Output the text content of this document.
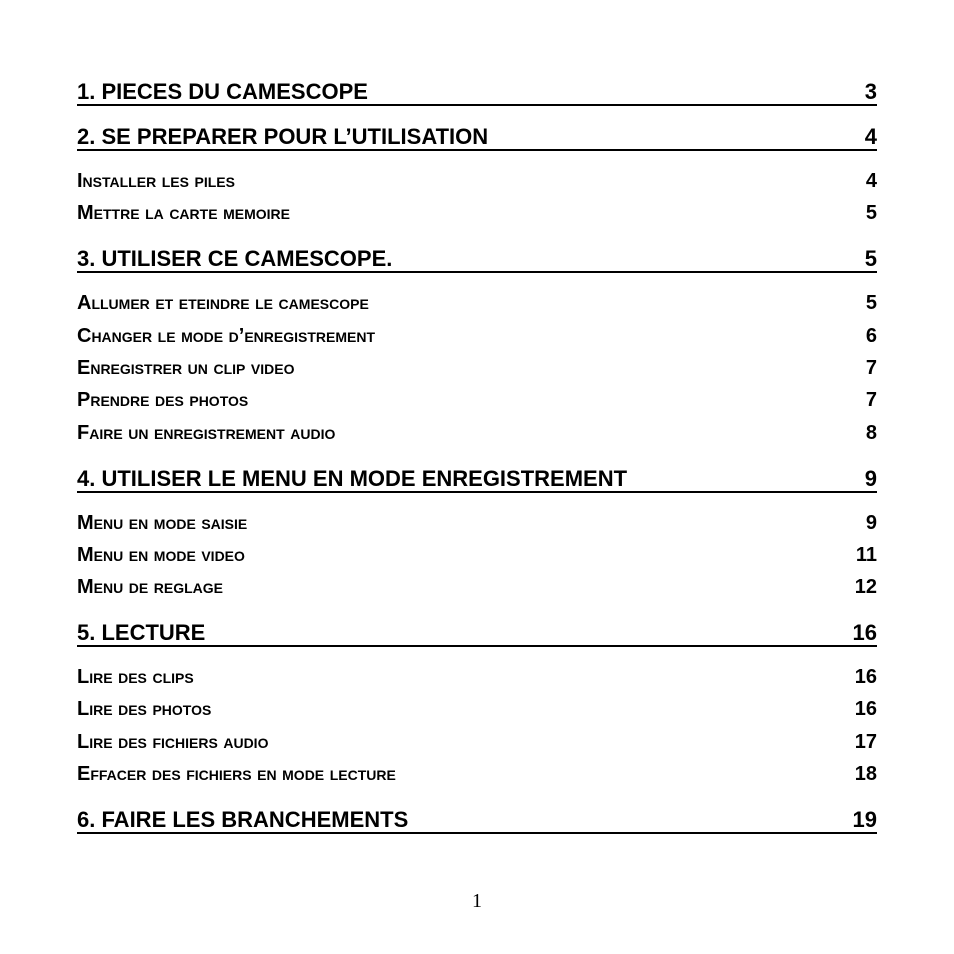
1. PIECES DU CAMESCOPE	3
2. SE PREPARER POUR L’UTILISATION	4
Installer les piles	4
Mettre la carte memoire	5
3. UTILISER CE CAMESCOPE.	5
Allumer et eteindre le camescope	5
Changer le mode d’enregistrement	6
Enregistrer un clip video	7
Prendre des photos	7
Faire un enregistrement audio	8
4. UTILISER LE MENU EN MODE ENREGISTREMENT	9
Menu en mode saisie	9
Menu en mode video	11
Menu de reglage	12
5. LECTURE	16
Lire des clips	16
Lire des photos	16
Lire des fichiers audio	17
Effacer des fichiers en mode lecture	18
6. FAIRE LES BRANCHEMENTS	19
1
